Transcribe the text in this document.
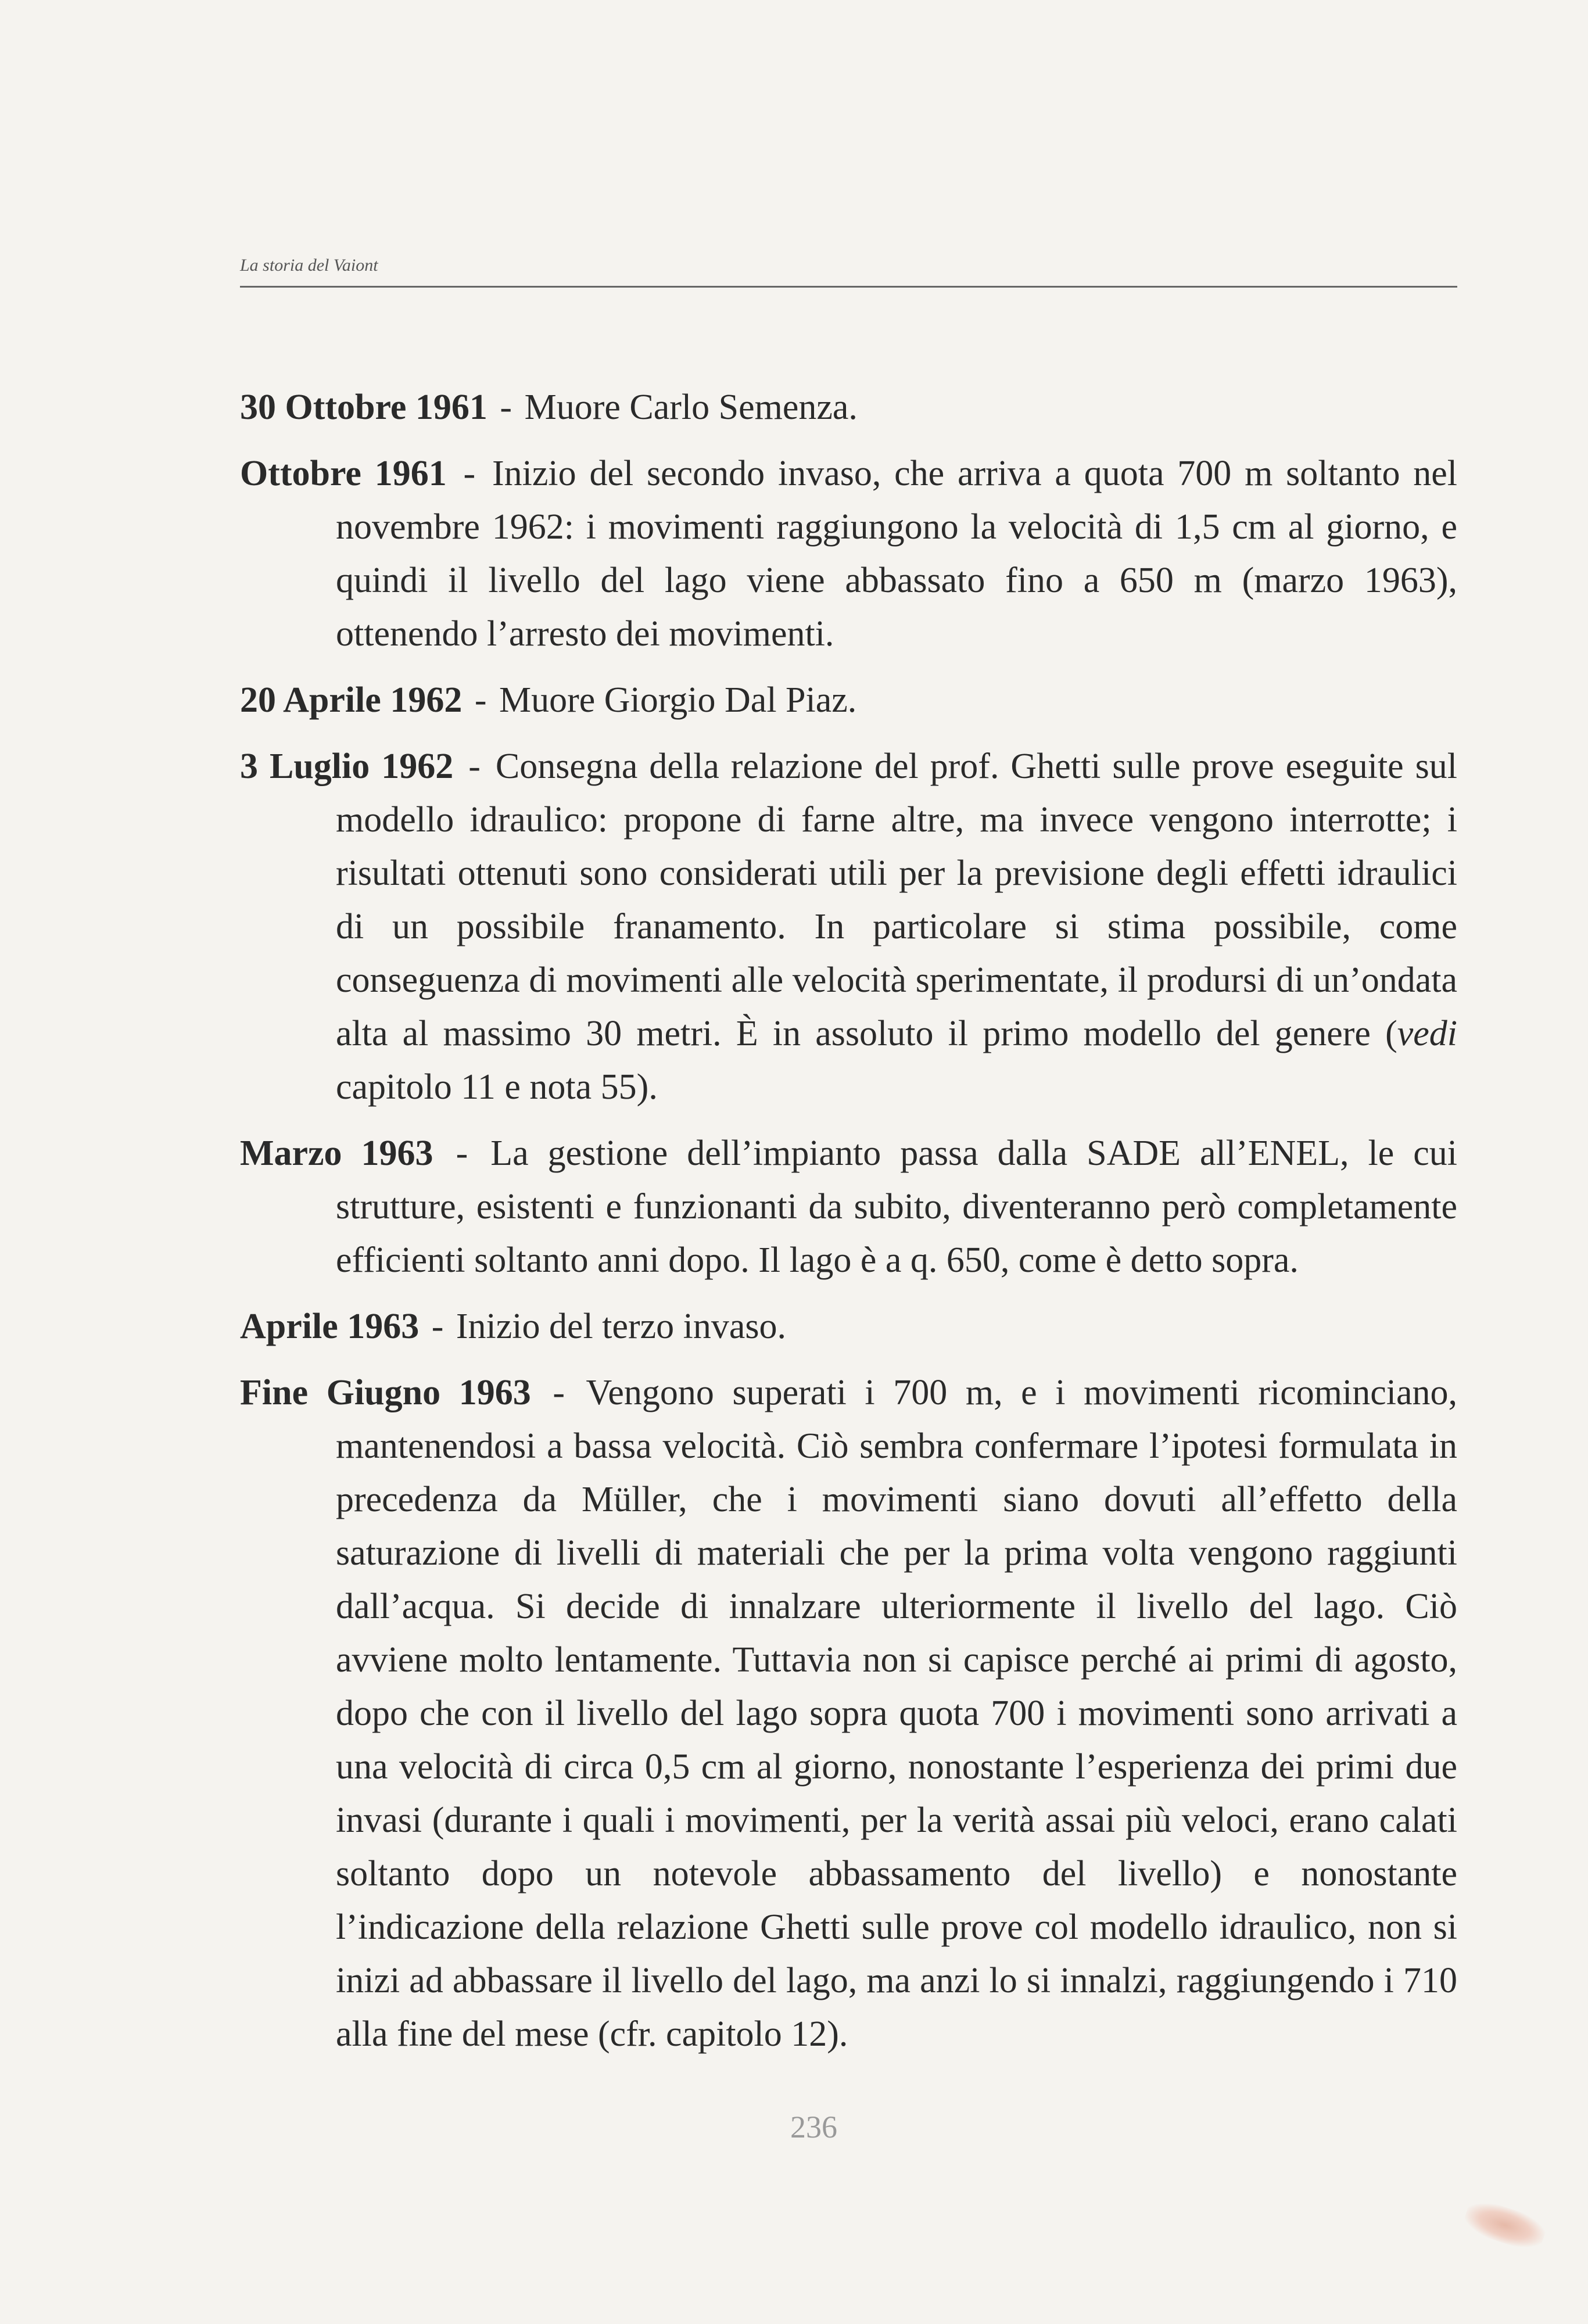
La storia del Vaiont

30 Ottobre 1961 - Muore Carlo Semenza.

Ottobre 1961 - Inizio del secondo invaso, che arriva a quota 700 m soltanto nel novembre 1962: i movimenti raggiungono la velocità di 1,5 cm al giorno, e quindi il livello del lago viene abbassato fino a 650 m (marzo 1963), ottenendo l’arresto dei movimenti.

20 Aprile 1962 - Muore Giorgio Dal Piaz.

3 Luglio 1962 - Consegna della relazione del prof. Ghetti sulle prove eseguite sul modello idraulico: propone di farne altre, ma invece vengono interrotte; i risultati ottenuti sono considerati utili per la previsione degli effetti idraulici di un possibile franamento. In particolare si stima possibile, come conseguenza di movimenti alle velocità sperimentate, il prodursi di un’ondata alta al massimo 30 metri. È in assoluto il primo modello del genere (vedi capitolo 11 e nota 55).

Marzo 1963 - La gestione dell’impianto passa dalla SADE all’ENEL, le cui strutture, esistenti e funzionanti da subito, diventeranno però completamente efficienti soltanto anni dopo. Il lago è a q. 650, come è detto sopra.

Aprile 1963 - Inizio del terzo invaso.

Fine Giugno 1963 - Vengono superati i 700 m, e i movimenti ricominciano, mantenendosi a bassa velocità. Ciò sembra confermare l’ipotesi formulata in precedenza da Müller, che i movimenti siano dovuti all’effetto della saturazione di livelli di materiali che per la prima volta vengono raggiunti dall’acqua. Si decide di innalzare ulteriormente il livello del lago. Ciò avviene molto lentamente. Tuttavia non si capisce perché ai primi di agosto, dopo che con il livello del lago sopra quota 700 i movimenti sono arrivati a una velocità di circa 0,5 cm al giorno, nonostante l’esperienza dei primi due invasi (durante i quali i movimenti, per la verità assai più veloci, erano calati soltanto dopo un notevole abbassamento del livello) e nonostante l’indicazione della relazione Ghetti sulle prove col modello idraulico, non si inizi ad abbassare il livello del lago, ma anzi lo si innalzi, raggiungendo i 710 alla fine del mese (cfr. capitolo 12).

236
